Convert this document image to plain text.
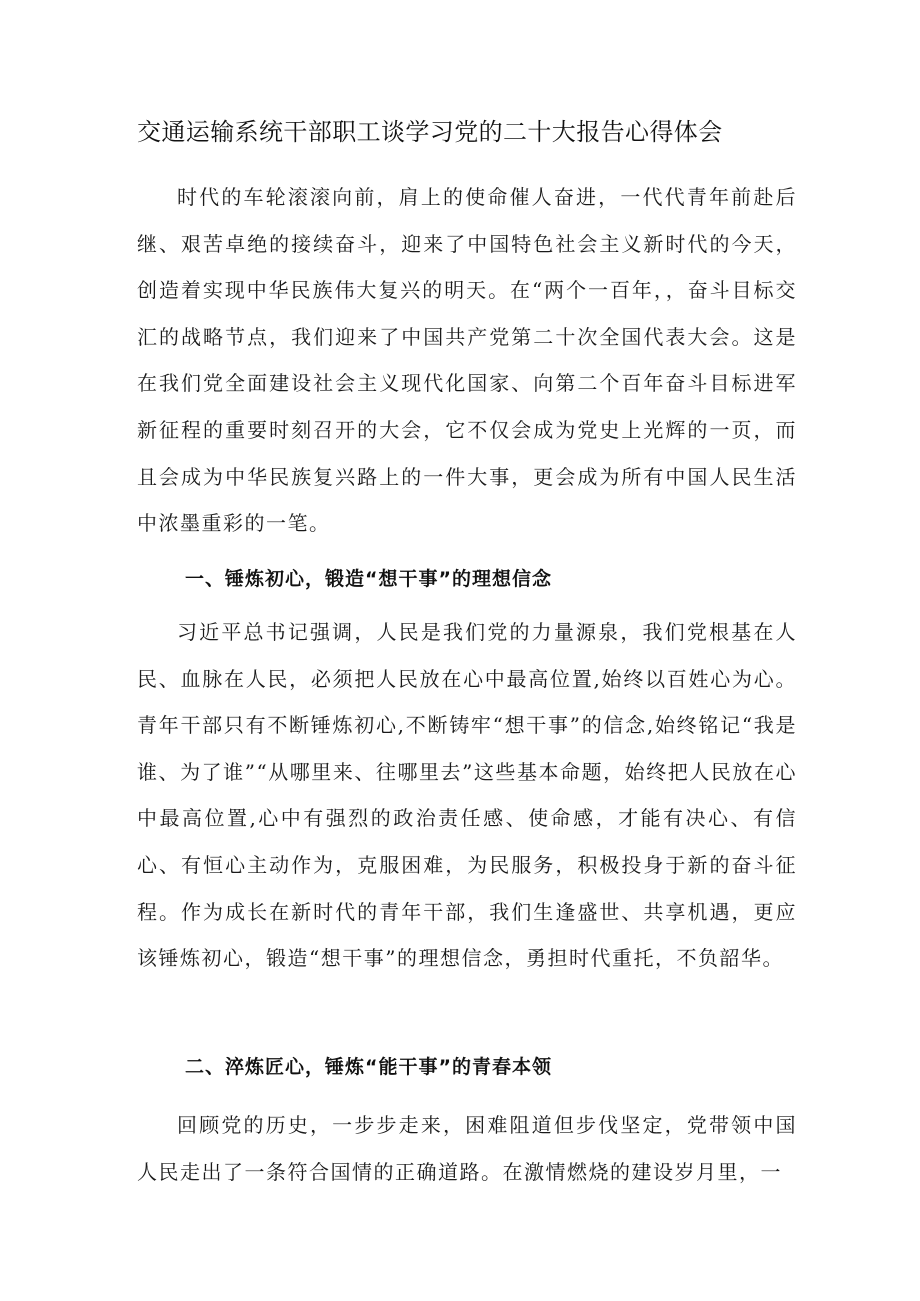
交通运输系统干部职工谈学习党的二十大报告心得体会

时代的车轮滚滚向前，肩上的使命催人奋进，一代代青年前赴后继、艰苦卓绝的接续奋斗，迎来了中国特色社会主义新时代的今天，创造着实现中华民族伟大复兴的明天。在“两个一百年，，奋斗目标交汇的战略节点，我们迎来了中国共产党第二十次全国代表大会。这是在我们党全面建设社会主义现代化国家、向第二个百年奋斗目标进军新征程的重要时刻召开的大会，它不仅会成为党史上光辉的一页，而且会成为中华民族复兴路上的一件大事，更会成为所有中国人民生活中浓墨重彩的一笔。

一、锤炼初心，锻造“想干事”的理想信念

习近平总书记强调，人民是我们党的力量源泉，我们党根基在人民、血脉在人民，必须把人民放在心中最高位置,始终以百姓心为心。青年干部只有不断锤炼初心,不断铸牢“想干事”的信念,始终铭记“我是谁、为了谁”“从哪里来、往哪里去”这些基本命题，始终把人民放在心中最高位置,心中有强烈的政治责任感、使命感，才能有决心、有信心、有恒心主动作为，克服困难，为民服务，积极投身于新的奋斗征程。作为成长在新时代的青年干部，我们生逢盛世、共享机遇，更应该锤炼初心，锻造“想干事”的理想信念，勇担时代重托，不负韶华。

二、淬炼匠心，锤炼“能干事”的青春本领

回顾党的历史，一步步走来，困难阻道但步伐坚定，党带领中国人民走出了一条符合国情的正确道路。在激情燃烧的建设岁月里，一
